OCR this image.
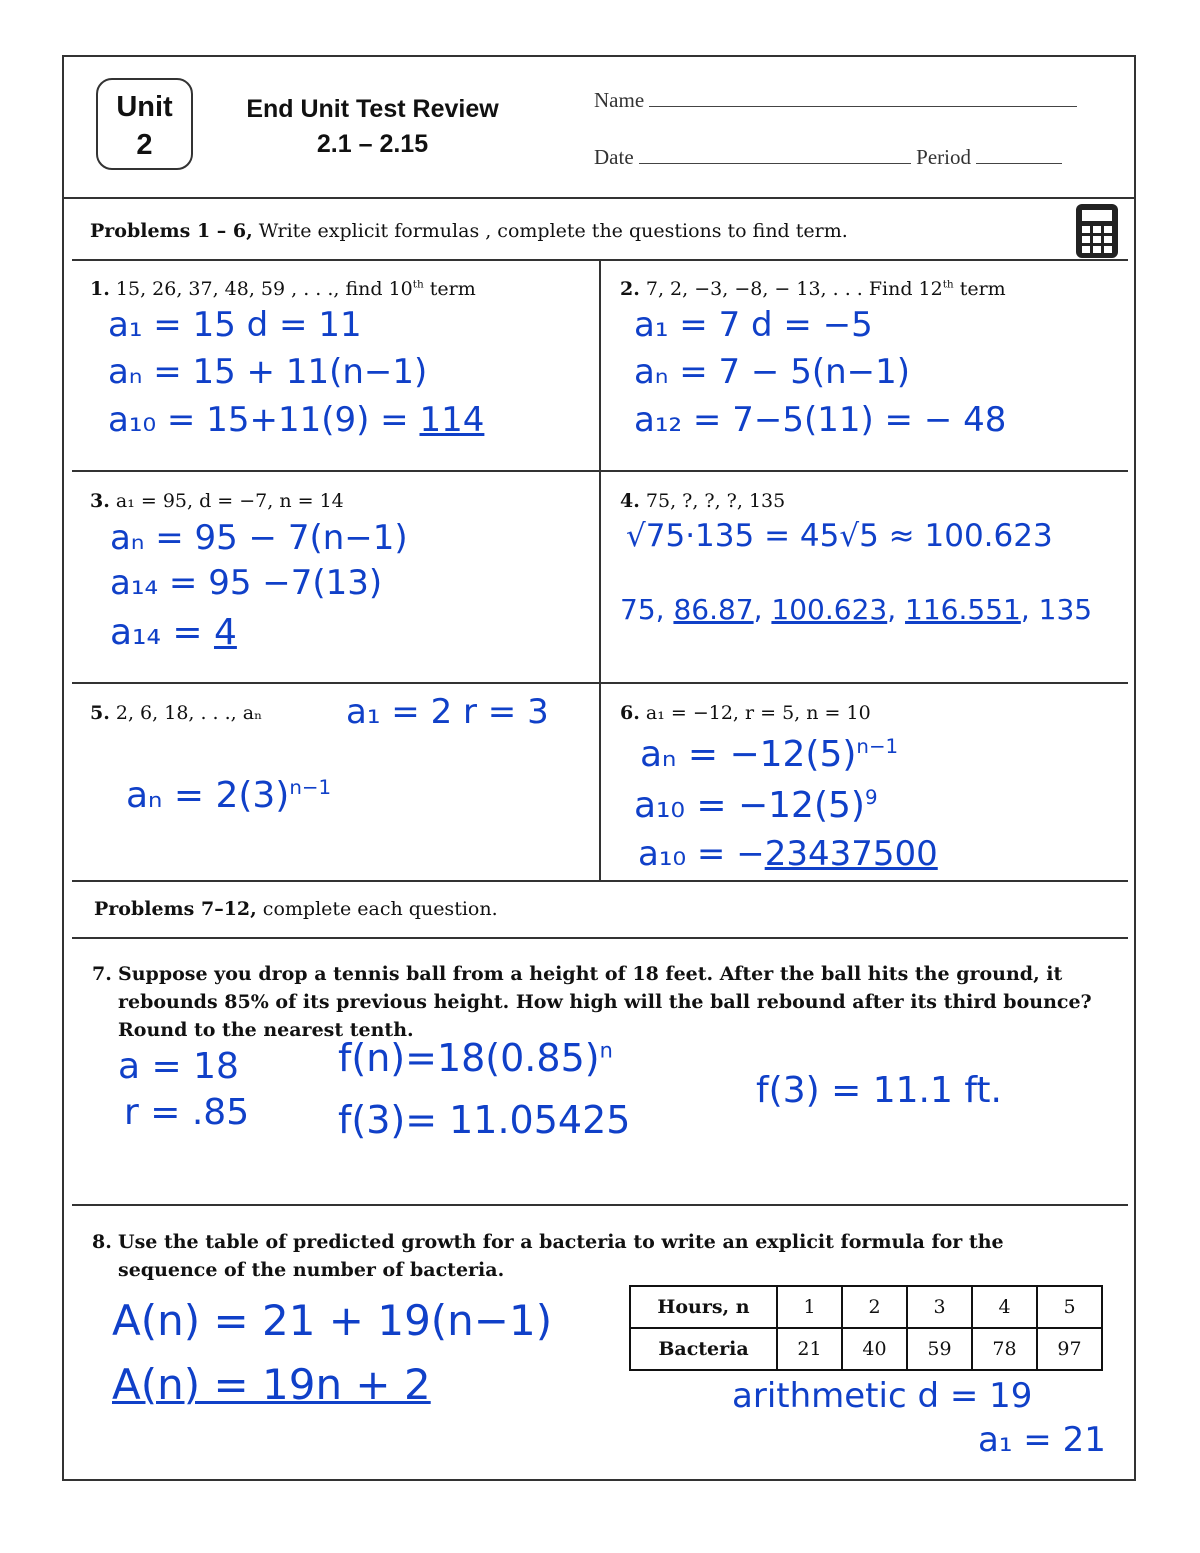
Unit
2
End Unit Test Review
2.1 – 2.15
Name
Date	Period
Problems 1 – 6, Write explicit formulas , complete the questions to find term.
1. 15, 26, 37, 48, 59 , . . ., find 10th term
a₁ = 15 d = 11
aₙ = 15 + 11(n−1)
a₁₀ = 15+11(9) = 114
2. 7, 2, −3, −8, − 13, . . . Find 12th term
a₁ = 7 d = −5
aₙ = 7 − 5(n−1)
a₁₂ = 7−5(11) = − 48
3. a₁ = 95, d = −7, n = 14
aₙ = 95 − 7(n−1)
a₁₄ = 95 −7(13)
a₁₄ = 4
4. 75, ?, ?, ?, 135
√75·135 = 45√5 ≈ 100.623
75, 86.87, 100.623, 116.551, 135
5. 2, 6, 18, . . ., aₙ a₁ = 2 r = 3
$a_n = 2(3)^{n-1}$
6. a₁ = −12, r = 5, n = 10
$a_n = -12(5)^{n-1}$
$a_{10} = -12(5)^9$
a₁₀ = −23437500
Problems 7–12, complete each question.
7. Suppose you drop a tennis ball from a height of 18 feet. After the ball hits the ground, it rebounds 85% of its previous height. How high will the ball rebound after its third bounce? Round to the nearest tenth.
a = 18
r = .85
$f(n)=18(0.85)^n$
f(3)= 11.05425
f(3) = 11.1 ft.
8. Use the table of predicted growth for a bacteria to write an explicit formula for the sequence of the number of bacteria.
A(n) = 21 + 19(n−1)
A(n) = 19n + 2	arithmetic d = 19
a₁ = 21
Hours, n	1	2	3	4	5
Bacteria	21	40	59	78	97
